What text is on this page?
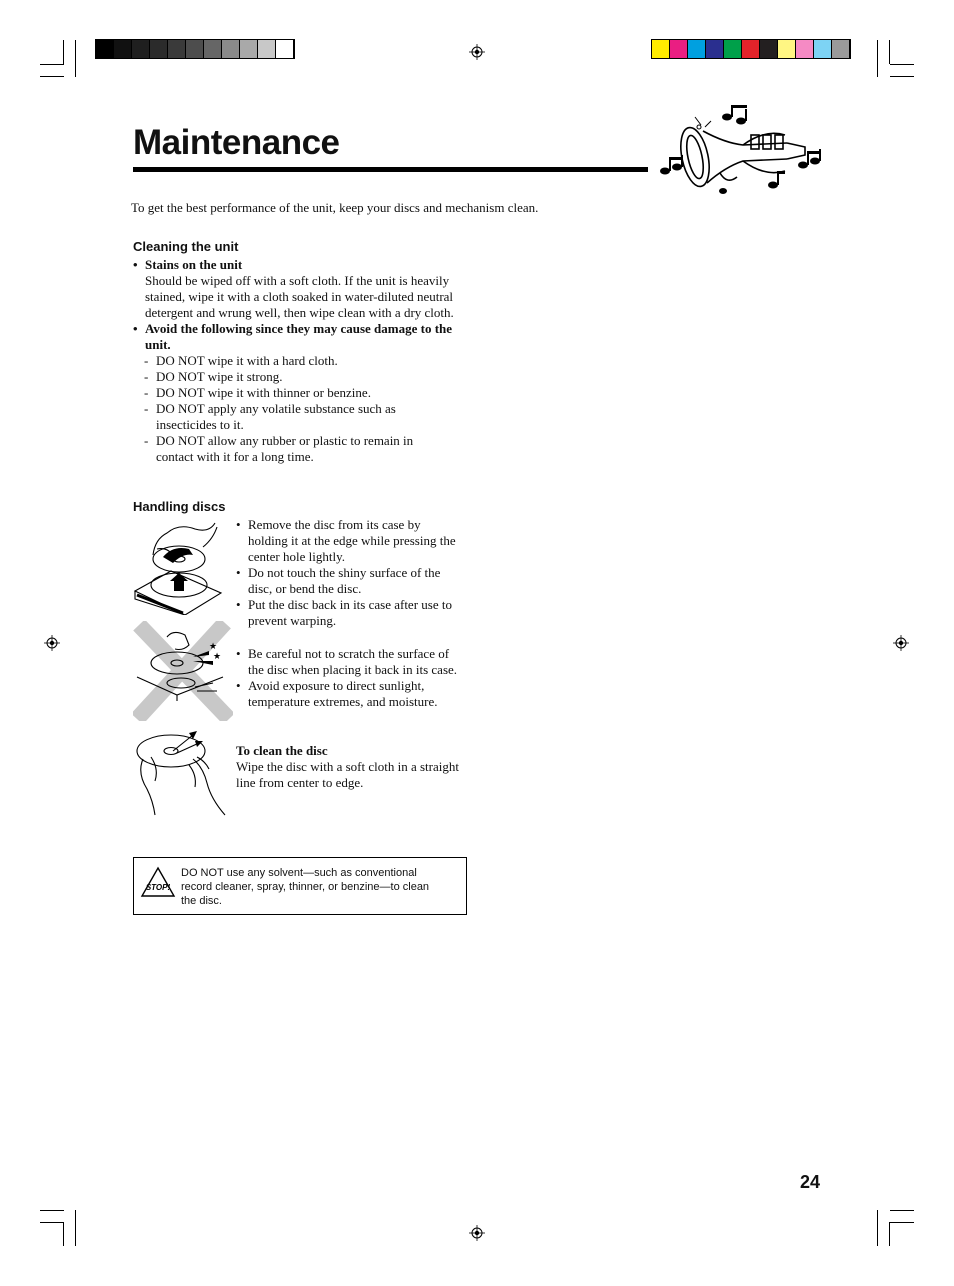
Maintenance
To get the best performance of the unit, keep your discs and mechanism clean.
Cleaning the unit
• Stains on the unit
Should be wiped off with a soft cloth. If the unit is heavily
stained, wipe it with a cloth soaked in water-diluted neutral
detergent and wrung well, then wipe clean with a dry cloth.
• Avoid the following since they may cause damage to the
unit.
- DO NOT wipe it with a hard cloth.
- DO NOT wipe it strong.
- DO NOT wipe it with thinner or benzine.
- DO NOT apply any volatile substance such as
insecticides to it.
- DO NOT allow any rubber or plastic to remain in
contact with it for a long time.
Handling discs
• Remove the disc from its case by
holding it at the edge while pressing the
center hole lightly.
• Do not touch the shiny surface of the
disc, or bend the disc.
• Put the disc back in its case after use to
prevent warping.
★
★ • Be careful not to scratch the surface of
the disc when placing it back in its case.
• Avoid exposure to direct sunlight,
temperature extremes, and moisture.
To clean the disc
Wipe the disc with a soft cloth in a straight
line from center to edge.
STOP!
DO NOT use any solvent—such as conventional
record cleaner, spray, thinner, or benzine—to clean
the disc.
24
